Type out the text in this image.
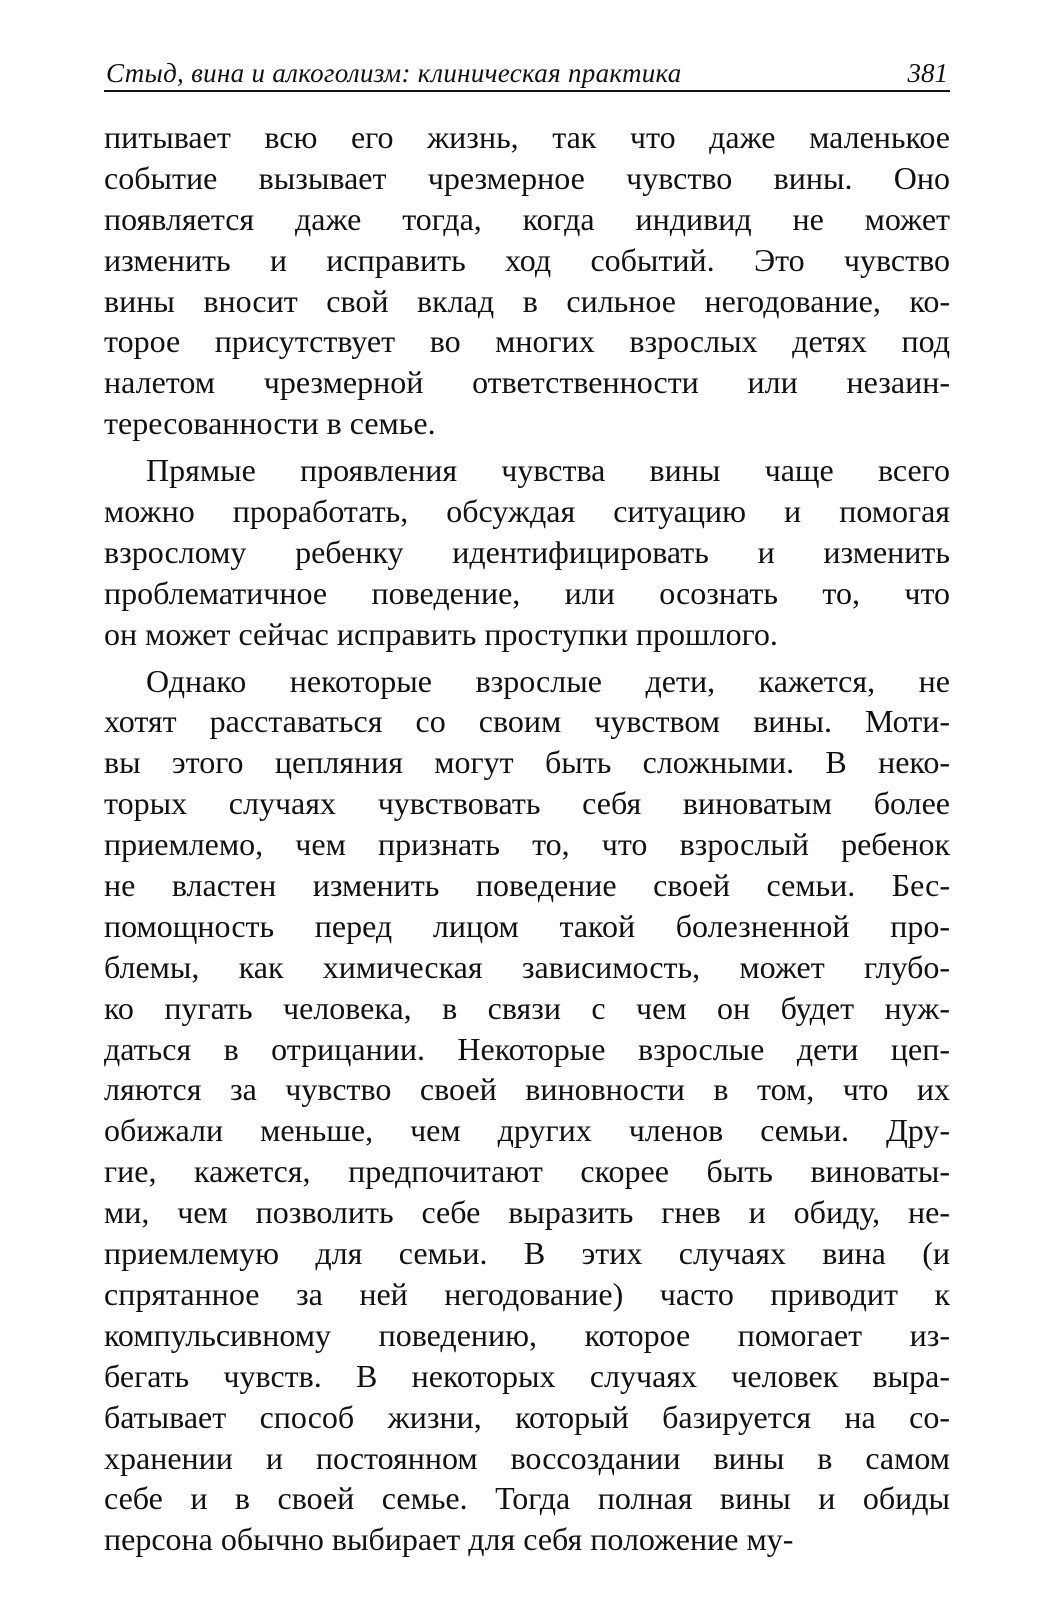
Стыд, вина и алкоголизм: клиническая практика	381
питывает всю его жизнь, так что даже маленькое
событие вызывает чрезмерное чувство вины. Оно
появляется даже тогда, когда индивид не может
изменить и исправить ход событий. Это чувство
вины вносит свой вклад в сильное негодование, ко-
торое присутствует во многих взрослых детях под
налетом чрезмерной ответственности или незаин-
тересованности в семье.
Прямые проявления чувства вины чаще всего
можно проработать, обсуждая ситуацию и помогая
взрослому ребенку идентифицировать и изменить
проблематичное поведение, или осознать то, что
он может сейчас исправить проступки прошлого.
Однако некоторые взрослые дети, кажется, не
хотят расставаться со своим чувством вины. Моти-
вы этого цепляния могут быть сложными. В неко-
торых случаях чувствовать себя виноватым более
приемлемо, чем признать то, что взрослый ребенок
не властен изменить поведение своей семьи. Бес-
помощность перед лицом такой болезненной про-
блемы, как химическая зависимость, может глубо-
ко пугать человека, в связи с чем он будет нуж-
даться в отрицании. Некоторые взрослые дети цеп-
ляются за чувство своей виновности в том, что их
обижали меньше, чем других членов семьи. Дру-
гие, кажется, предпочитают скорее быть виноваты-
ми, чем позволить себе выразить гнев и обиду, не-
приемлемую для семьи. В этих случаях вина (и
спрятанное за ней негодование) часто приводит к
компульсивному поведению, которое помогает из-
бегать чувств. В некоторых случаях человек выра-
батывает способ жизни, который базируется на со-
хранении и постоянном воссоздании вины в самом
себе и в своей семье. Тогда полная вины и обиды
персона обычно выбирает для себя положение му-
